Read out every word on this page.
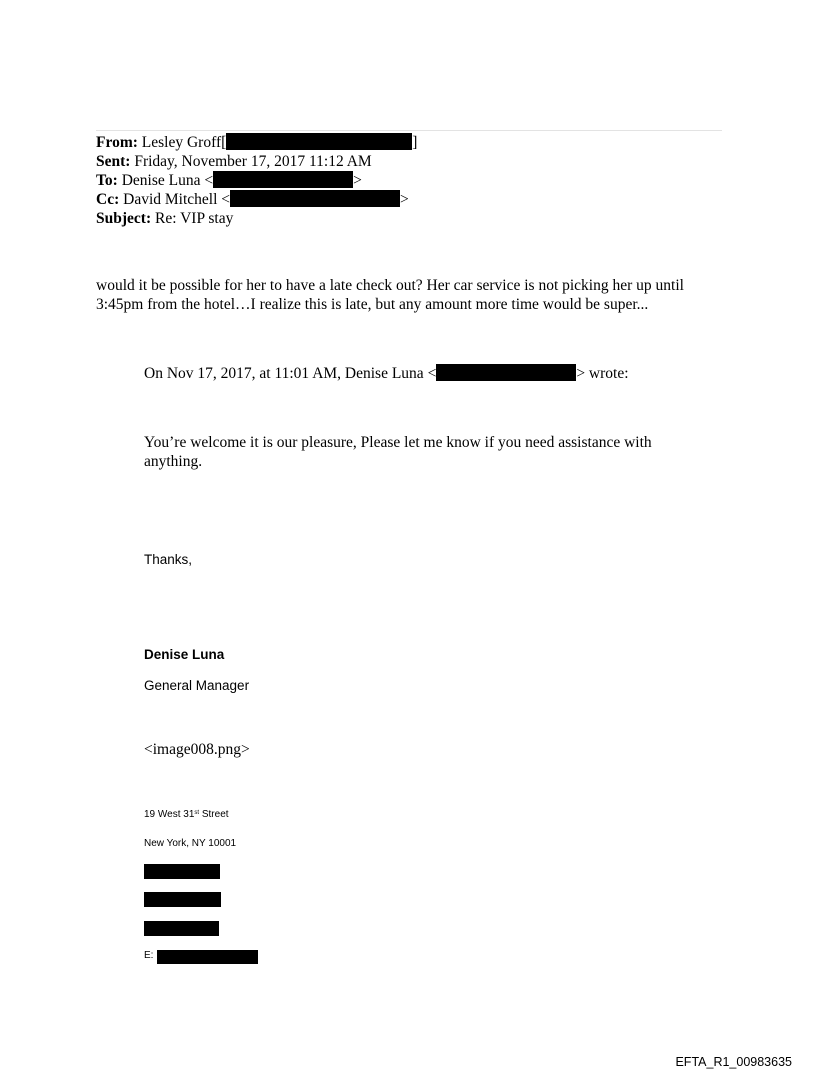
From: Lesley Groff[	]
Sent: Friday, November 17, 2017 11:12 AM
To: Denise Luna <	>
Cc: David Mitchell <	>
Subject: Re: VIP stay
would it be possible for her to have a late check out? Her car service is not picking her up until 3:45pm from the hotel…I realize this is late, but any amount more time would be super...
On Nov 17, 2017, at 11:01 AM, Denise Luna <	> wrote:
You’re welcome it is our pleasure, Please let me know if you need assistance with anything.
Thanks,
Denise Luna
General Manager
<image008.png>
19 West 31st Street
New York, NY 10001
E:
EFTA_R1_00983635
